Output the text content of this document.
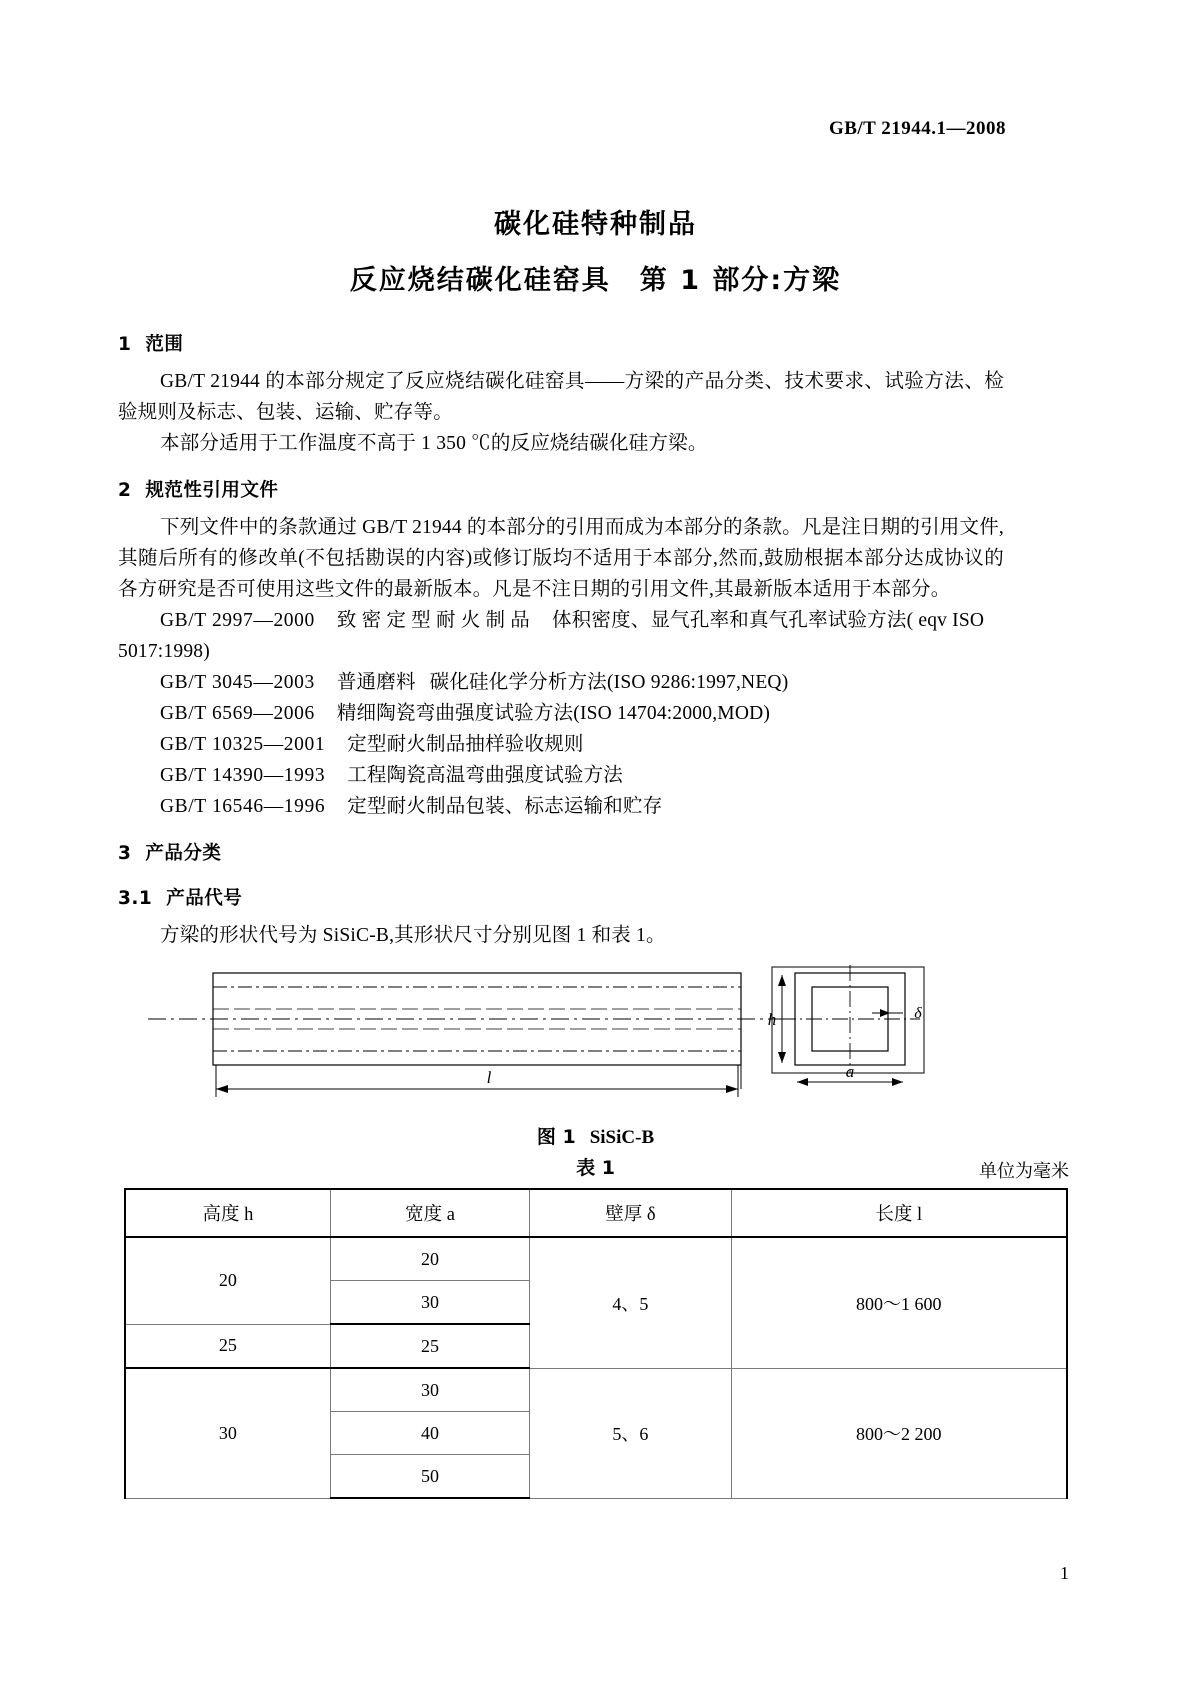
GB/T 21944.1—2008
碳化硅特种制品
反应烧结碳化硅窑具　第 1 部分:方梁
1 范围

GB/T 21944 的本部分规定了反应烧结碳化硅窑具——方梁的产品分类、技术要求、试验方法、检验规则及标志、包装、运输、贮存等。

本部分适用于工作温度不高于 1 350 ℃的反应烧结碳化硅方梁。

2 规范性引用文件

下列文件中的条款通过 GB/T 21944 的本部分的引用而成为本部分的条款。凡是注日期的引用文件,其随后所有的修改单(不包括勘误的内容)或修订版均不适用于本部分,然而,鼓励根据本部分达成协议的各方研究是否可使用这些文件的最新版本。凡是不注日期的引用文件,其最新版本适用于本部分。

GB/T 2997—2000 致 密 定 型 耐 火 制 品 体积密度、显气孔率和真气孔率试验方法( eqv ISO 5017:1998)

GB/T 3045—2003 普通磨料 碳化硅化学分析方法(ISO 9286:1997,NEQ)

GB/T 6569—2006 精细陶瓷弯曲强度试验方法(ISO 14704:2000,MOD)

GB/T 10325—2001 定型耐火制品抽样验收规则

GB/T 14390—1993 工程陶瓷高温弯曲强度试验方法

GB/T 16546—1996 定型耐火制品包装、标志运输和贮存

3 产品分类
3.1 产品代号

方梁的形状代号为 SiSiC-B,其形状尺寸分别见图 1 和表 1。

l
h
a
δ
图 1 SiSiC-B
表 1	单位为毫米
高度 h	宽度 a	壁厚 δ	长度 l
20	20	4、5	800～1 600
	30		
25	25		
30	30	5、6	800～2 200
	40		
	50		
1
